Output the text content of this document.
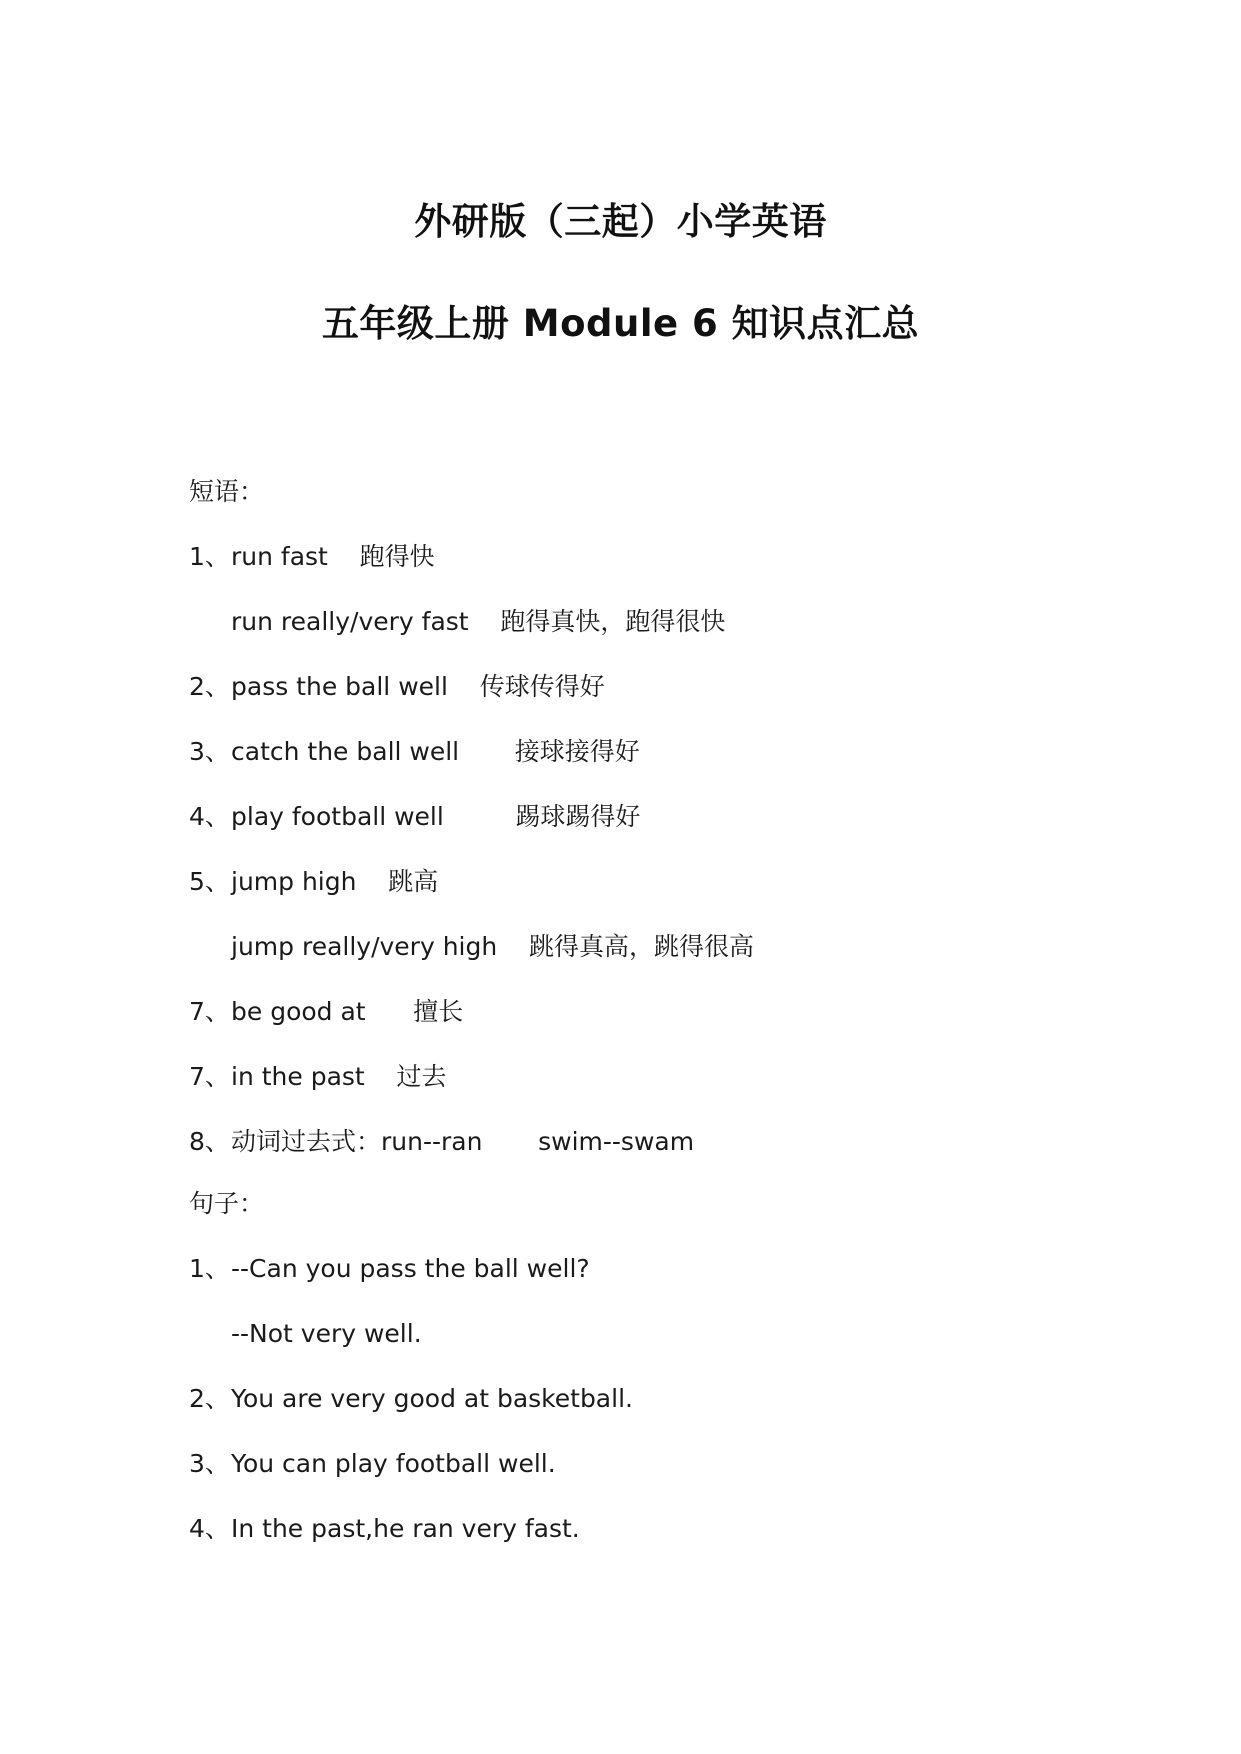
外研版（三起）小学英语
五年级上册 Module 6 知识点汇总
短语：
1、run fast 跑得快
run really/very fast 跑得真快，跑得很快
2、pass the ball well 传球传得好
3、catch the ball well 接球接得好
4、play football well	踢球踢得好
5、jump high 跳高
jump really/very high 跳得真高，跳得很高
7、be good at 擅长
7、in the past 过去
8、动词过去式：run--ran swim--swam
句子：
1、--Can you pass the ball well?
--Not very well.
2、You are very good at basketball.
3、You can play football well.
4、In the past,he ran very fast.
